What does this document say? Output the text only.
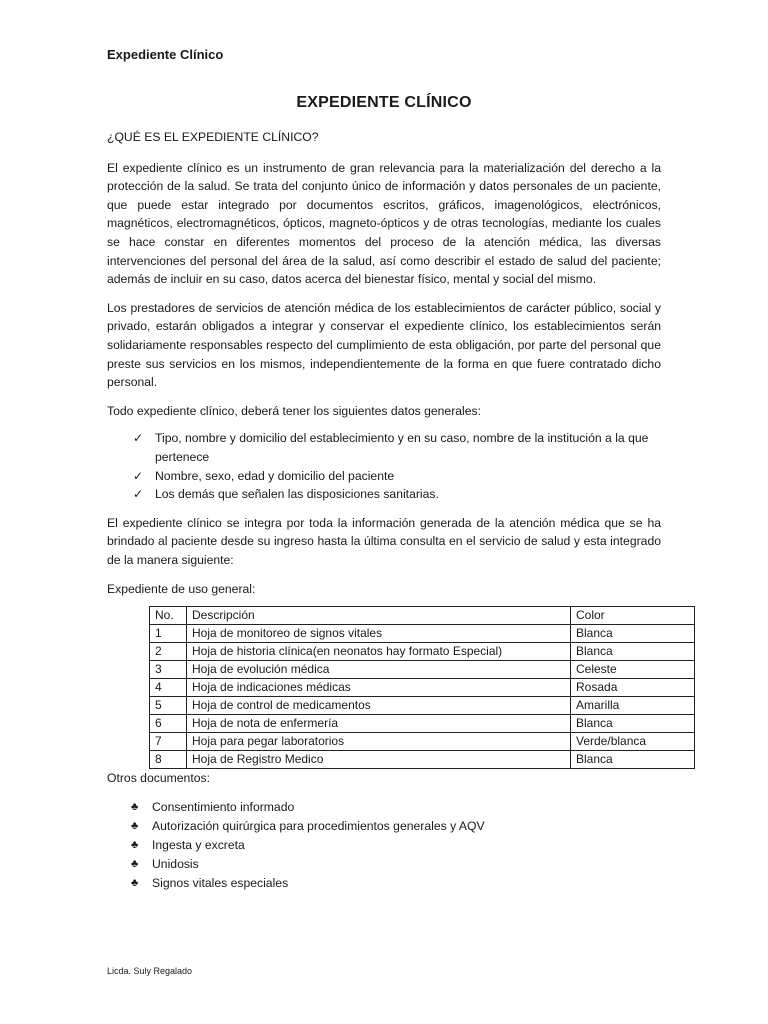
Expediente Clínico
EXPEDIENTE CLÍNICO

¿QUÉ ES EL EXPEDIENTE CLÍNICO?

El expediente clínico es un instrumento de gran relevancia para la materialización del derecho a la protección de la salud. Se trata del conjunto único de información y datos personales de un paciente, que puede estar integrado por documentos escritos, gráficos, imagenológicos, electrónicos, magnéticos, electromagnéticos, ópticos, magneto-ópticos y de otras tecnologías, mediante los cuales se hace constar en diferentes momentos del proceso de la atención médica, las diversas intervenciones del personal del área de la salud, así como describir el estado de salud del paciente; además de incluir en su caso, datos acerca del bienestar físico, mental y social del mismo.

Los prestadores de servicios de atención médica de los establecimientos de carácter público, social y privado, estarán obligados a integrar y conservar el expediente clínico, los establecimientos serán solidariamente responsables respecto del cumplimiento de esta obligación, por parte del personal que preste sus servicios en los mismos, independientemente de la forma en que fuere contratado dicho personal.

Todo expediente clínico, deberá tener los siguientes datos generales:

✓ Tipo, nombre y domicilio del establecimiento y en su caso, nombre de la institución a la que pertenece
✓ Nombre, sexo, edad y domicilio del paciente
✓ Los demás que señalen las disposiciones sanitarias.

El expediente clínico se integra por toda la información generada de la atención médica que se ha brindado al paciente desde su ingreso hasta la última consulta en el servicio de salud y esta integrado de la manera siguiente:

Expediente de uso general:

No.	Descripción	Color
1	Hoja de monitoreo de signos vitales	Blanca
2	Hoja de historia clínica(en neonatos hay formato Especial)	Blanca
3	Hoja de evolución médica	Celeste
4	Hoja de indicaciones médicas	Rosada
5	Hoja de control de medicamentos	Amarilla
6	Hoja de nota de enfermería	Blanca
7	Hoja para pegar laboratorios	Verde/blanca
8	Hoja de Registro Medico	Blanca

Otros documentos:

♣ Consentimiento informado
♣ Autorización quirúrgica para procedimientos generales y AQV
♣ Ingesta y excreta
♣ Unidosis
♣ Signos vitales especiales
Licda. Suly Regalado
